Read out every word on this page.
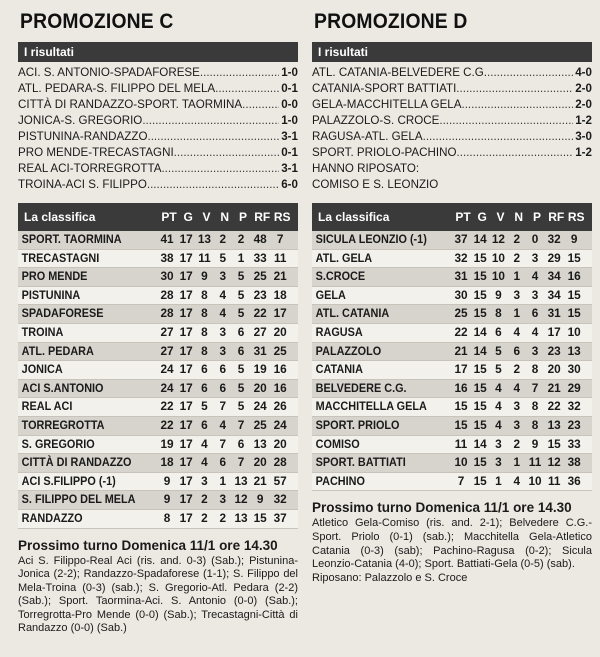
PROMOZIONE C
I risultati
ACI. S. ANTONIO-SPADAFORESE .....	1-0
ATL. PEDARA-S. FILIPPO DEL MELA .....	0-1
CITTÀ DI RANDAZZO-SPORT. TAORMINA .....	0-0
JONICA-S. GREGORIO .....	1-0
PISTUNINA-RANDAZZO .....	3-1
PRO MENDE-TRECASTAGNI .....	0-1
REAL ACI-TORREGROTTA .....	3-1
TROINA-ACI S. FILIPPO .....	6-0
La classifica	PT G V N P RF RS
SPORT. TAORMINA	41 17 13 2 2 48 7
TRECASTAGNI	38 17 11 5 1 33 11
PRO MENDE	30 17 9 3 5 25 21
PISTUNINA	28 17 8 4 5 23 18
SPADAFORESE	28 17 8 4 5 22 17
TROINA	27 17 8 3 6 27 20
ATL. PEDARA	27 17 8 3 6 31 25
JONICA	24 17 6 6 5 19 16
ACI S.ANTONIO	24 17 6 6 5 20 16
REAL ACI	22 17 5 7 5 24 26
TORREGROTTA	22 17 6 4 7 25 24
S. GREGORIO	19 17 4 7 6 13 20
CITTÀ DI RANDAZZO	18 17 4 6 7 20 28
ACI S.FILIPPO (-1)	9 17 3 1 13 21 57
S. FILIPPO DEL MELA	9 17 2 3 12 9 32
RANDAZZO	8 17 2 2 13 15 37
Prossimo turno Domenica 11/1 ore 14.30
Aci S. Filippo-Real Aci (ris. and. 0-3) (Sab.); Pistunina-Jonica (2-2); Randazzo-Spadaforese (1-1); S. Filippo del Mela-Troina (0-3) (sab.); S. Gregorio-Atl. Pedara (2-2) (Sab.); Sport. Taormina-Aci. S. Antonio (0-0) (Sab.); Torregrotta-Pro Mende (0-0) (Sab.); Trecastagni-Città di Randazzo (0-0) (Sab.)
PROMOZIONE D
I risultati
ATL. CATANIA-BELVEDERE C.G. .....	4-0
CATANIA-SPORT BATTIATI .....	2-0
GELA-MACCHITELLA GELA .....	2-0
PALAZZOLO-S. CROCE .....	1-2
RAGUSA-ATL. GELA .....	3-0
SPORT. PRIOLO-PACHINO .....	1-2
HANNO RIPOSATO:
COMISO E S. LEONZIO
La classifica	PT G V N P RF RS
SICULA LEONZIO (-1)	37 14 12 2 0 32 9
ATL. GELA	32 15 10 2 3 29 15
S.CROCE	31 15 10 1 4 34 16
GELA	30 15 9 3 3 34 15
ATL. CATANIA	25 15 8 1 6 31 15
RAGUSA	22 14 6 4 4 17 10
PALAZZOLO	21 14 5 6 3 23 13
CATANIA	17 15 5 2 8 20 30
BELVEDERE C.G.	16 15 4 4 7 21 29
MACCHITELLA GELA	15 15 4 3 8 22 32
SPORT. PRIOLO	15 15 4 3 8 13 23
COMISO	11 14 3 2 9 15 33
SPORT. BATTIATI	10 15 3 1 11 12 38
PACHINO	7 15 1 4 10 11 36
Prossimo turno Domenica 11/1 ore 14.30
Atletico Gela-Comiso (ris. and. 2-1); Belvedere C.G.-Sport. Priolo (0-1) (sab.); Macchitella Gela-Atletico Catania (0-3) (sab); Pachino-Ragusa (0-2); Sicula Leonzio-Catania (4-0); Sport. Battiati-Gela (0-5) (sab).
Riposano: Palazzolo e S. Croce
